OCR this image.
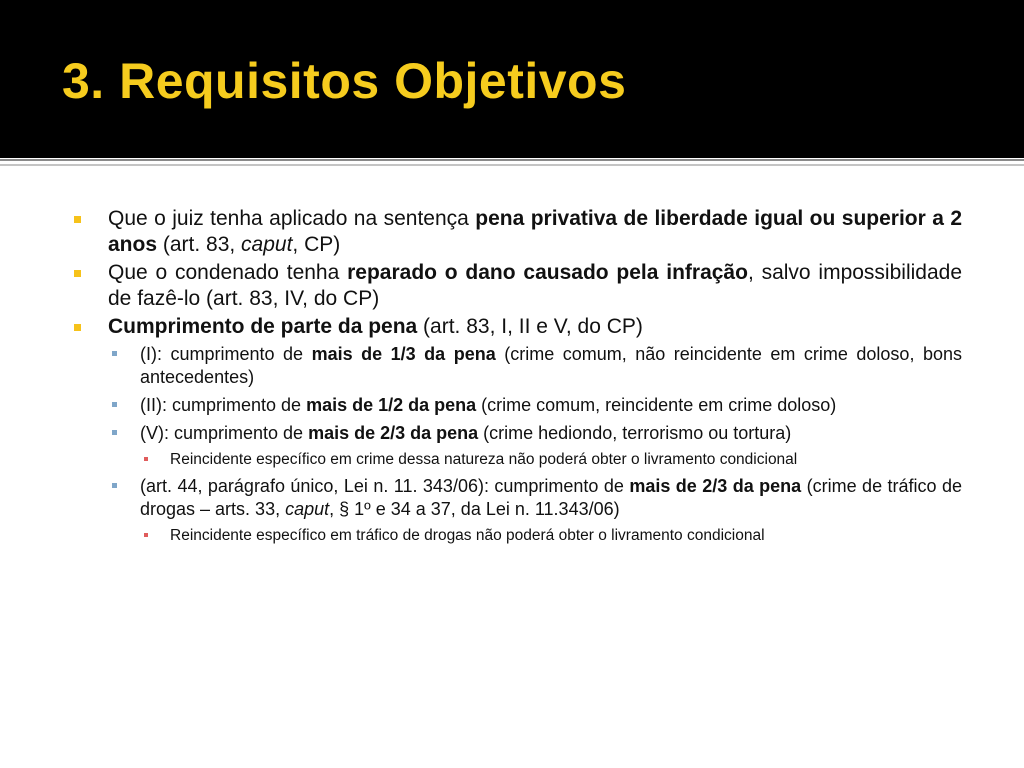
3. Requisitos Objetivos
Que o juiz tenha aplicado na sentença pena privativa de liberdade igual ou superior a 2 anos (art. 83, caput, CP)
Que o condenado tenha reparado o dano causado pela infração, salvo impossibilidade de fazê-lo (art. 83, IV, do CP)
Cumprimento de parte da pena (art. 83, I, II e V, do CP)
(I): cumprimento de mais de 1/3 da pena (crime comum, não reincidente em crime doloso, bons antecedentes)
(II): cumprimento de mais de 1/2 da pena (crime comum, reincidente em crime doloso)
(V): cumprimento de mais de 2/3 da pena (crime hediondo, terrorismo ou tortura)
Reincidente específico em crime dessa natureza não poderá obter o livramento condicional
(art. 44, parágrafo único, Lei n. 11. 343/06): cumprimento de mais de 2/3 da pena (crime de tráfico de drogas – arts. 33, caput, § 1º e 34 a 37, da Lei n. 11.343/06)
Reincidente específico em tráfico de drogas não poderá obter o livramento condicional
